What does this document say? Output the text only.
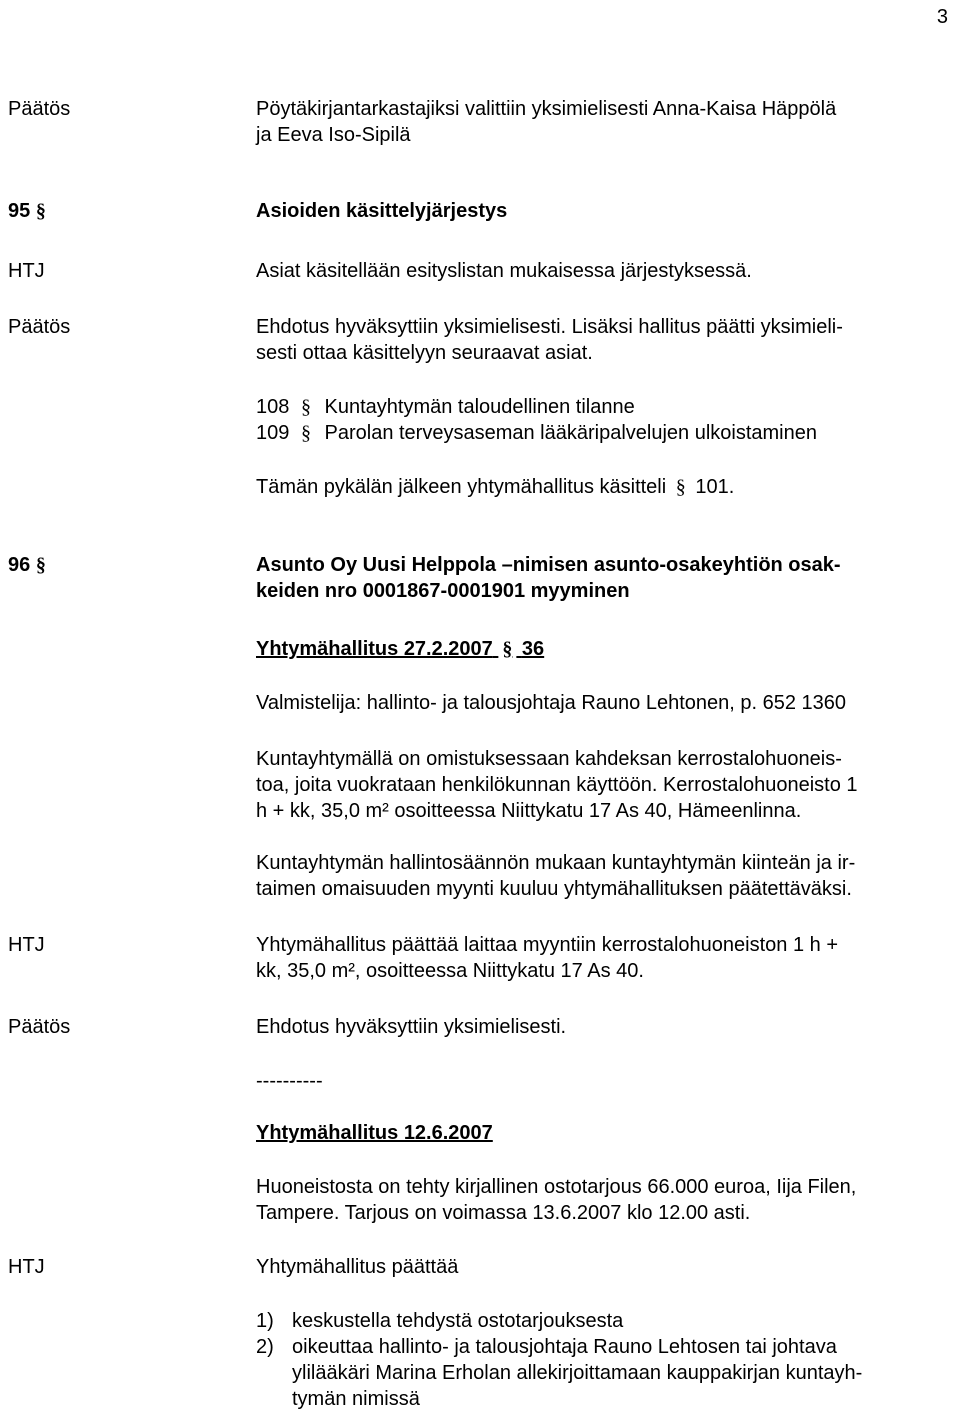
3
Päätös	Pöytäkirjantarkastajiksi valittiin yksimielisesti Anna-Kaisa Häppölä
ja Eeva Iso-Sipilä
95 §	Asioiden käsittelyjärjestys
HTJ	Asiat käsitellään esityslistan mukaisessa järjestyksessä.
Päätös	Ehdotus hyväksyttiin yksimielisesti. Lisäksi hallitus päätti yksimieli-
sesti ottaa käsittelyyn seuraavat asiat.
108 § Kuntayhtymän taloudellinen tilanne
109 § Parolan terveysaseman lääkäripalvelujen ulkoistaminen
Tämän pykälän jälkeen yhtymähallitus käsitteli § 101.
96 §	Asunto Oy Uusi Helppola –nimisen asunto-osakeyhtiön osak-
keiden nro 0001867-0001901 myyminen
Yhtymähallitus 27.2.2007 § 36
Valmistelija: hallinto- ja talousjohtaja Rauno Lehtonen, p. 652 1360
Kuntayhtymällä on omistuksessaan kahdeksan kerrostalohuoneis-
toa, joita vuokrataan henkilökunnan käyttöön. Kerrostalohuoneisto 1
h + kk, 35,0 m² osoitteessa Niittykatu 17 As 40, Hämeenlinna.
Kuntayhtymän hallintosäännön mukaan kuntayhtymän kiinteän ja ir-
taimen omaisuuden myynti kuuluu yhtymähallituksen päätettäväksi.
HTJ	Yhtymähallitus päättää laittaa myyntiin kerrostalohuoneiston 1 h +
kk, 35,0 m², osoitteessa Niittykatu 17 As 40.
Päätös	Ehdotus hyväksyttiin yksimielisesti.
----------
Yhtymähallitus 12.6.2007
Huoneistosta on tehty kirjallinen ostotarjous 66.000 euroa, Iija Filen,
Tampere. Tarjous on voimassa 13.6.2007 klo 12.00 asti.
HTJ	Yhtymähallitus päättää
1) keskustella tehdystä ostotarjouksesta
2) oikeuttaa hallinto- ja talousjohtaja Rauno Lehtosen tai johtava
ylilääkäri Marina Erholan allekirjoittamaan kauppakirjan kuntayh-
tymän nimissä
